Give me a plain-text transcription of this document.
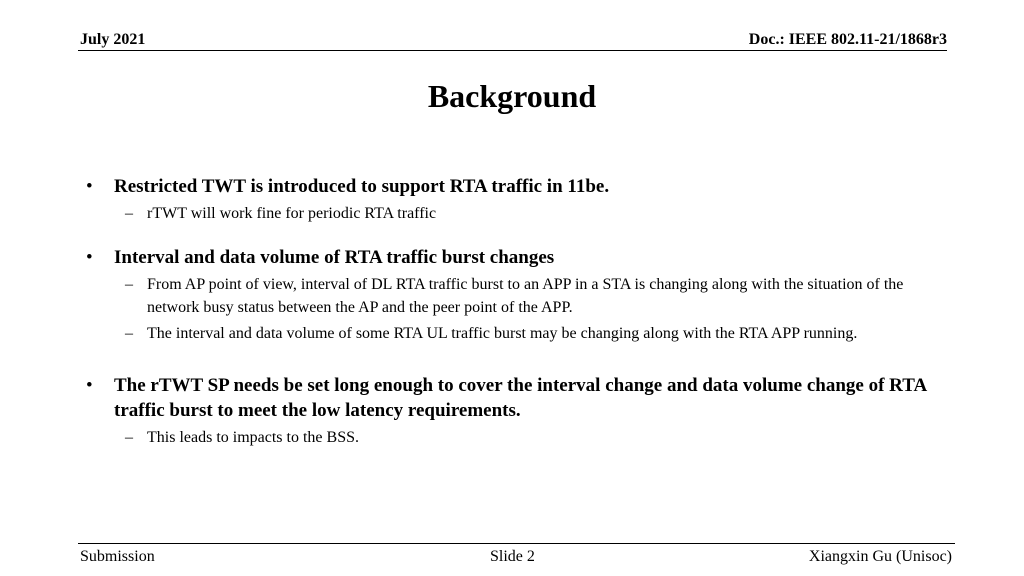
July 2021	Doc.: IEEE 802.11-21/1868r3
Background
• Restricted TWT is introduced to support RTA traffic in 11be.
– rTWT will work fine for periodic RTA traffic
• Interval and data volume of RTA traffic burst changes
– From AP point of view, interval of DL RTA traffic burst to an APP in a STA is changing along with the situation of the network busy status between the AP and the peer point of the APP.
– The interval and data volume of some RTA UL traffic burst may be changing along with the RTA APP running.
• The rTWT SP needs be set long enough to cover the interval change and data volume change of RTA traffic burst to meet the low latency requirements.
– This leads to impacts to the BSS.
Submission	Slide 2	Xiangxin Gu (Unisoc)
